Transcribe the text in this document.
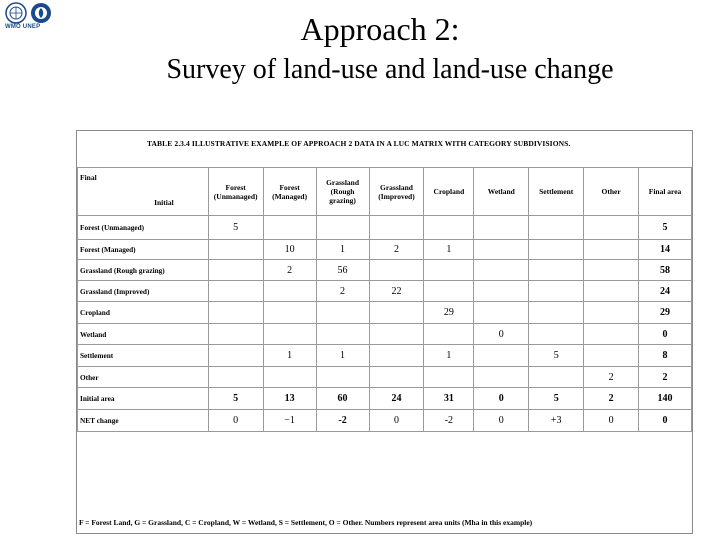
WMO UNEP	Approach 2:
Survey of land-use and land-use change
TABLE 2.3.4 ILLUSTRATIVE EXAMPLE OF APPROACH 2 DATA IN A LUC MATRIX WITH CATEGORY SUBDIVISIONS.
Initial
Final	Forest (Unmanaged)	Forest (Managed)	Grassland (Rough grazing)	Grassland (Improved)	Cropland	Wetland	Settlement	Other	Final area
Forest (Unmanaged)	5								5
Forest (Managed)		10	1	2	1				14
Grassland (Rough grazing)		2	56						58
Grassland (Improved)			2	22					24
Cropland					29				29
Wetland						0			0
Settlement		1	1		1		5		8
Other								2	2
Initial area	5	13	60	24	31	0	5	2	140
NET change	0	−1	-2	0	-2	0	+3	0	0
F = Forest Land, G = Grassland, C = Cropland, W = Wetland, S = Settlement, O = Other. Numbers represent area units (Mha in this example)
